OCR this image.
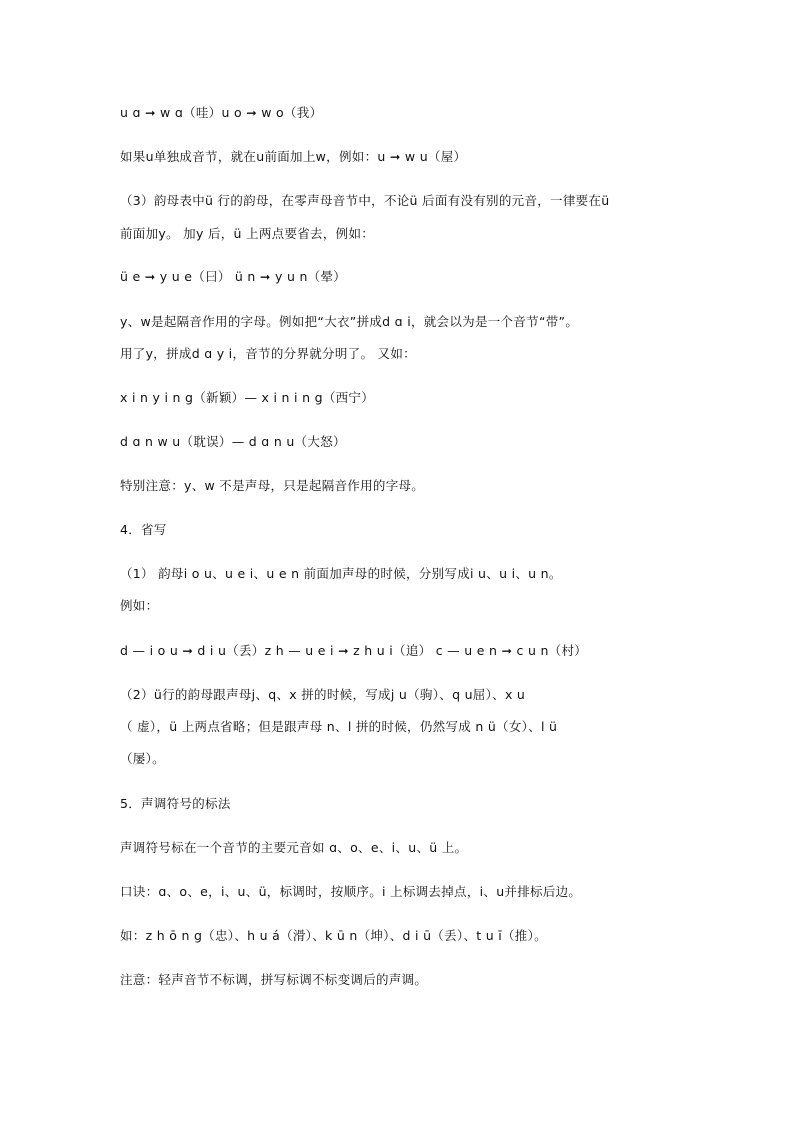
u ɑ ➞ w ɑ（哇）u o ➞ w o（我）
如果u单独成音节，就在u前面加上w，例如：u ➞ w u（屋）
（3）韵母表中ü 行的韵母，在零声母音节中，不论ü 后面有没有别的元音，一律要在ü
前面加y。 加y 后，ü 上两点要省去，例如：
ü e ➞ y u e（曰） ü n ➞ y u n（晕）
y、w是起隔音作用的字母。例如把“大衣”拼成d ɑ i，就会以为是一个音节“带”。
用了y，拼成d ɑ y i，音节的分界就分明了。 又如：
x i n y i n g（新颖）— x i n i n g（西宁）
d ɑ n w u（耽误）— d ɑ n u（大怒）
特别注意：y、w 不是声母，只是起隔音作用的字母。
4．省写
（1） 韵母i o u、u e i、u e n 前面加声母的时候，分别写成i u、u i、u n。
例如：
d — i o u ➞ d i u（丢）z h — u e i ➞ z h u i（追） c — u e n ➞ c u n（村）
（2）ü行的韵母跟声母j、q、x 拼的时候，写成j u（驹）、q u屈）、x u
（ 虚），ü 上两点省略；但是跟声母 n、l 拼的时候，仍然写成 n ü（女）、l ü
（屡）。
5．声调符号的标法
声调符号标在一个音节的主要元音如 ɑ、o、e、i、u、ü 上。
口诀：ɑ、o、e，i、u、ü，标调时，按顺序。i 上标调去掉点，i、u并排标后边。
如：z h ō n g（忠）、h u á（滑）、k ū n（坤）、d i ū（丢）、t u ī（推）。
注意：轻声音节不标调，拼写标调不标变调后的声调。
